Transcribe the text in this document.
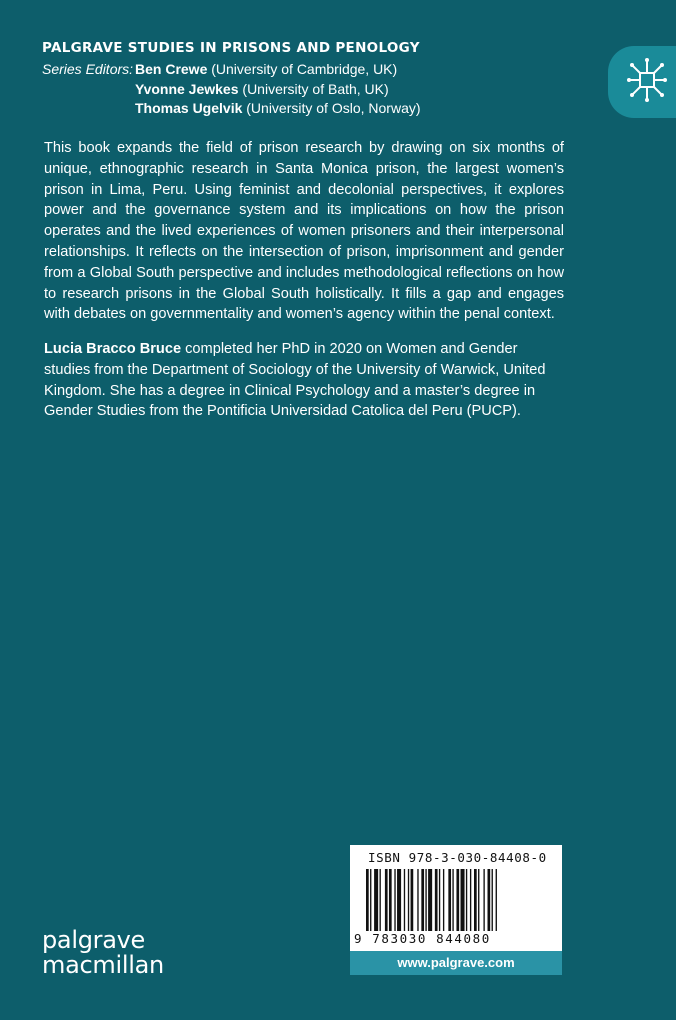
PALGRAVE STUDIES IN PRISONS AND PENOLOGY
Series Editors: Ben Crewe (University of Cambridge, UK)
Yvonne Jewkes (University of Bath, UK)
Thomas Ugelvik (University of Oslo, Norway)

This book expands the field of prison research by drawing on six months of unique, ethnographic research in Santa Monica prison, the largest women’s prison in Lima, Peru. Using feminist and decolonial perspectives, it explores power and the governance system and its implications on how the prison operates and the lived experiences of women prisoners and their interpersonal relationships. It reflects on the intersection of prison, imprisonment and gender from a Global South perspective and includes methodological reflections on how to research prisons in the Global South holistically. It fills a gap and engages with debates on governmentality and women’s agency within the penal context.

Lucia Bracco Bruce completed her PhD in 2020 on Women and Gender studies from the Department of Sociology of the University of Warwick, United Kingdom. She has a degree in Clinical Psychology and a master’s degree in Gender Studies from the Pontificia Universidad Catolica del Peru (PUCP).

ISBN 978-3-030-84408-0
9 783030 844080
www.palgrave.com
palgrave
macmillan
